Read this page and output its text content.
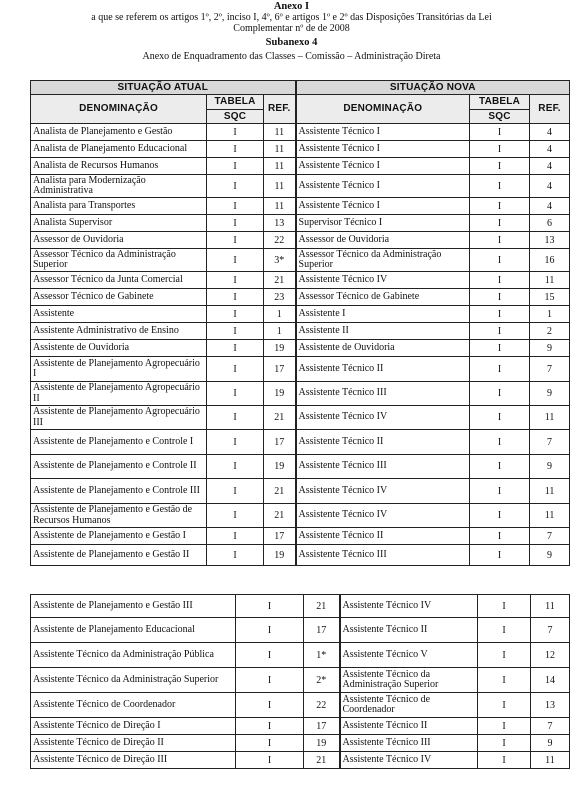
Anexo I
a que se referem os artigos 1º, 2º, inciso I, 4º, 6º e artigos 1º e 2º das Disposições Transitórias da Lei
Complementar nº de de 2008
Subanexo 4
Anexo de Enquadramento das Classes – Comissão – Administração Direta
SITUAÇÃO ATUAL			SITUAÇÃO NOVA		
DENOMINAÇÃO	TABELA	REF.	DENOMINAÇÃO	TABELA	REF.
	SQC			SQC	
Analista de Planejamento e Gestão	I	11	Assistente Técnico I	I	4
Analista de Planejamento Educacional	I	11	Assistente Técnico I	I	4
Analista de Recursos Humanos	I	11	Assistente Técnico I	I	4
Analista para Modernização Administrativa	I	11	Assistente Técnico I	I	4
Analista para Transportes	I	11	Assistente Técnico I	I	4
Analista Supervisor	I	13	Supervisor Técnico I	I	6
Assessor de Ouvidoria	I	22	Assessor de Ouvidoria	I	13
Assessor Técnico da Administração Superior	I	3*	Assessor Técnico da Administração Superior	I	16
Assessor Técnico da Junta Comercial	I	21	Assistente Técnico IV	I	11
Assessor Técnico de Gabinete	I	23	Assessor Técnico de Gabinete	I	15
Assistente	I	1	Assistente I	I	1
Assistente Administrativo de Ensino	I	1	Assistente II	I	2
Assistente de Ouvidoria	I	19	Assistente de Ouvidoria	I	9
Assistente de Planejamento Agropecuário I	I	17	Assistente Técnico II	I	7
Assistente de Planejamento Agropecuário II	I	19	Assistente Técnico III	I	9
Assistente de Planejamento Agropecuário III	I	21	Assistente Técnico IV	I	11
Assistente de Planejamento e Controle I	I	17	Assistente Técnico II	I	7
Assistente de Planejamento e Controle II	I	19	Assistente Técnico III	I	9
Assistente de Planejamento e Controle III	I	21	Assistente Técnico IV	I	11
Assistente de Planejamento e Gestão de Recursos Humanos	I	21	Assistente Técnico IV	I	11
Assistente de Planejamento e Gestão I	I	17	Assistente Técnico II	I	7
Assistente de Planejamento e Gestão II	I	19	Assistente Técnico III	I	9
Assistente de Planejamento e Gestão III	I	21	Assistente Técnico IV	I	11
Assistente de Planejamento Educacional	I	17	Assistente Técnico II	I	7
Assistente Técnico da Administração Pública	I	1*	Assistente Técnico V	I	12
Assistente Técnico da Administração Superior	I	2*	Assistente Técnico da Administração Superior	I	14
Assistente Técnico de Coordenador	I	22	Assistente Técnico de Coordenador	I	13
Assistente Técnico de Direção I	I	17	Assistente Técnico II	I	7
Assistente Técnico de Direção II	I	19	Assistente Técnico III	I	9
Assistente Técnico de Direção III	I	21	Assistente Técnico IV	I	11
